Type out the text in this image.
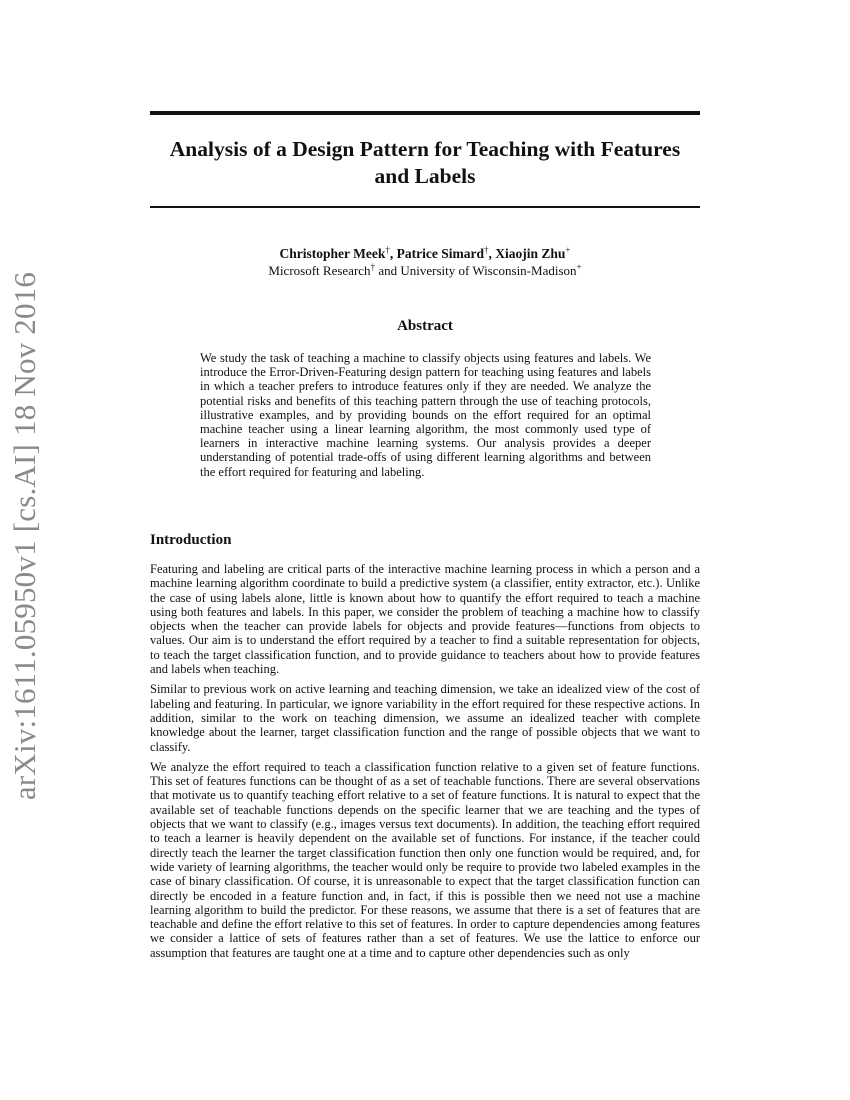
arXiv:1611.05950v1 [cs.AI] 18 Nov 2016
Analysis of a Design Pattern for Teaching with Features and Labels
Christopher Meek†, Patrice Simard†, Xiaojin Zhu+
Microsoft Research† and University of Wisconsin-Madison+
Abstract

We study the task of teaching a machine to classify objects using features and labels. We introduce the Error-Driven-Featuring design pattern for teaching using features and labels in which a teacher prefers to introduce features only if they are needed. We analyze the potential risks and benefits of this teaching pattern through the use of teaching protocols, illustrative examples, and by providing bounds on the effort required for an optimal machine teacher using a linear learning algorithm, the most commonly used type of learners in interactive machine learning systems. Our analysis provides a deeper understanding of potential trade-offs of using different learning algorithms and between the effort required for featuring and labeling.

Introduction

Featuring and labeling are critical parts of the interactive machine learning process in which a person and a machine learning algorithm coordinate to build a predictive system (a classifier, entity extractor, etc.). Unlike the case of using labels alone, little is known about how to quantify the effort required to teach a machine using both features and labels. In this paper, we consider the problem of teaching a machine how to classify objects when the teacher can provide labels for objects and provide features—functions from objects to values. Our aim is to understand the effort required by a teacher to find a suitable representation for objects, to teach the target classification function, and to provide guidance to teachers about how to provide features and labels when teaching.

Similar to previous work on active learning and teaching dimension, we take an idealized view of the cost of labeling and featuring. In particular, we ignore variability in the effort required for these respective actions. In addition, similar to the work on teaching dimension, we assume an idealized teacher with complete knowledge about the learner, target classification function and the range of possible objects that we want to classify.

We analyze the effort required to teach a classification function relative to a given set of feature functions. This set of features functions can be thought of as a set of teachable functions. There are several observations that motivate us to quantify teaching effort relative to a set of feature functions. It is natural to expect that the available set of teachable functions depends on the specific learner that we are teaching and the types of objects that we want to classify (e.g., images versus text documents). In addition, the teaching effort required to teach a learner is heavily dependent on the available set of functions. For instance, if the teacher could directly teach the learner the target classification function then only one function would be required, and, for wide variety of learning algorithms, the teacher would only be require to provide two labeled examples in the case of binary classification. Of course, it is unreasonable to expect that the target classification function can directly be encoded in a feature function and, in fact, if this is possible then we need not use a machine learning algorithm to build the predictor. For these reasons, we assume that there is a set of features that are teachable and define the effort relative to this set of features. In order to capture dependencies among features we consider a lattice of sets of features rather than a set of features. We use the lattice to enforce our assumption that features are taught one at a time and to capture other dependencies such as only
